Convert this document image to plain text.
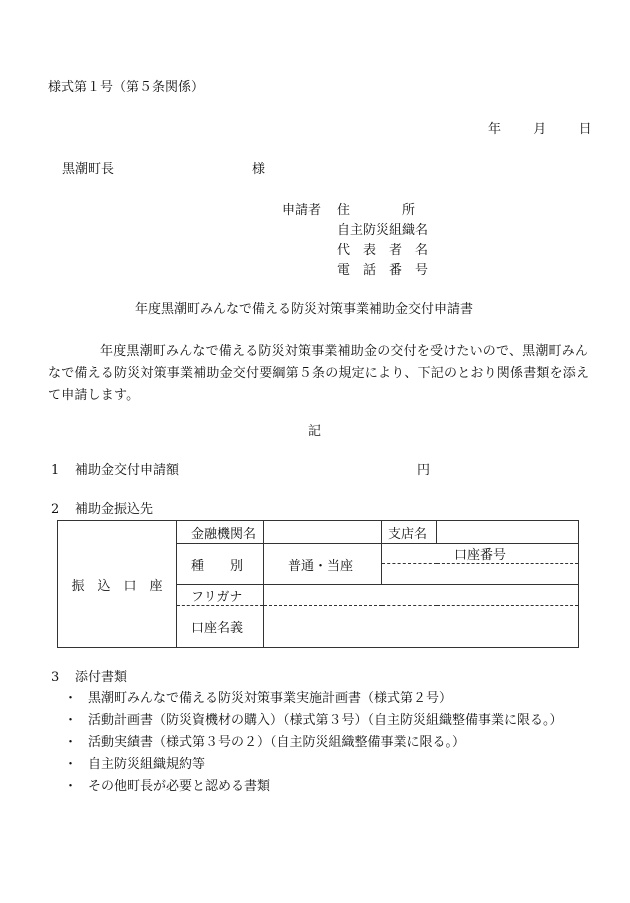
様式第１号（第５条関係）
年 月 日
黒潮町長	様
申請者 住　　　　所
自主防災組織名
代　表　者　名
電　話　番　号
年度黒潮町みんなで備える防災対策事業補助金交付申請書
年度黒潮町みんなで備える防災対策事業補助金の交付を受けたいので、黒潮町みんなで備える防災対策事業補助金交付要綱第５条の規定により、下記のとおり関係書類を添えて申請します。
記
1 補助金交付申請額	円
2 補助金振込先
振　込　口　座	金融機関名		支店名	
	種　　別	普通・当座	口座番号	

	フリガナ			
	口座名義			
3 添付書類
・ 黒潮町みんなで備える防災対策事業実施計画書（様式第２号）
・ 活動計画書（防災資機材の購入）（様式第３号）（自主防災組織整備事業に限る。）
・ 活動実績書（様式第３号の２）（自主防災組織整備事業に限る。）
・ 自主防災組織規約等
・ その他町長が必要と認める書類
